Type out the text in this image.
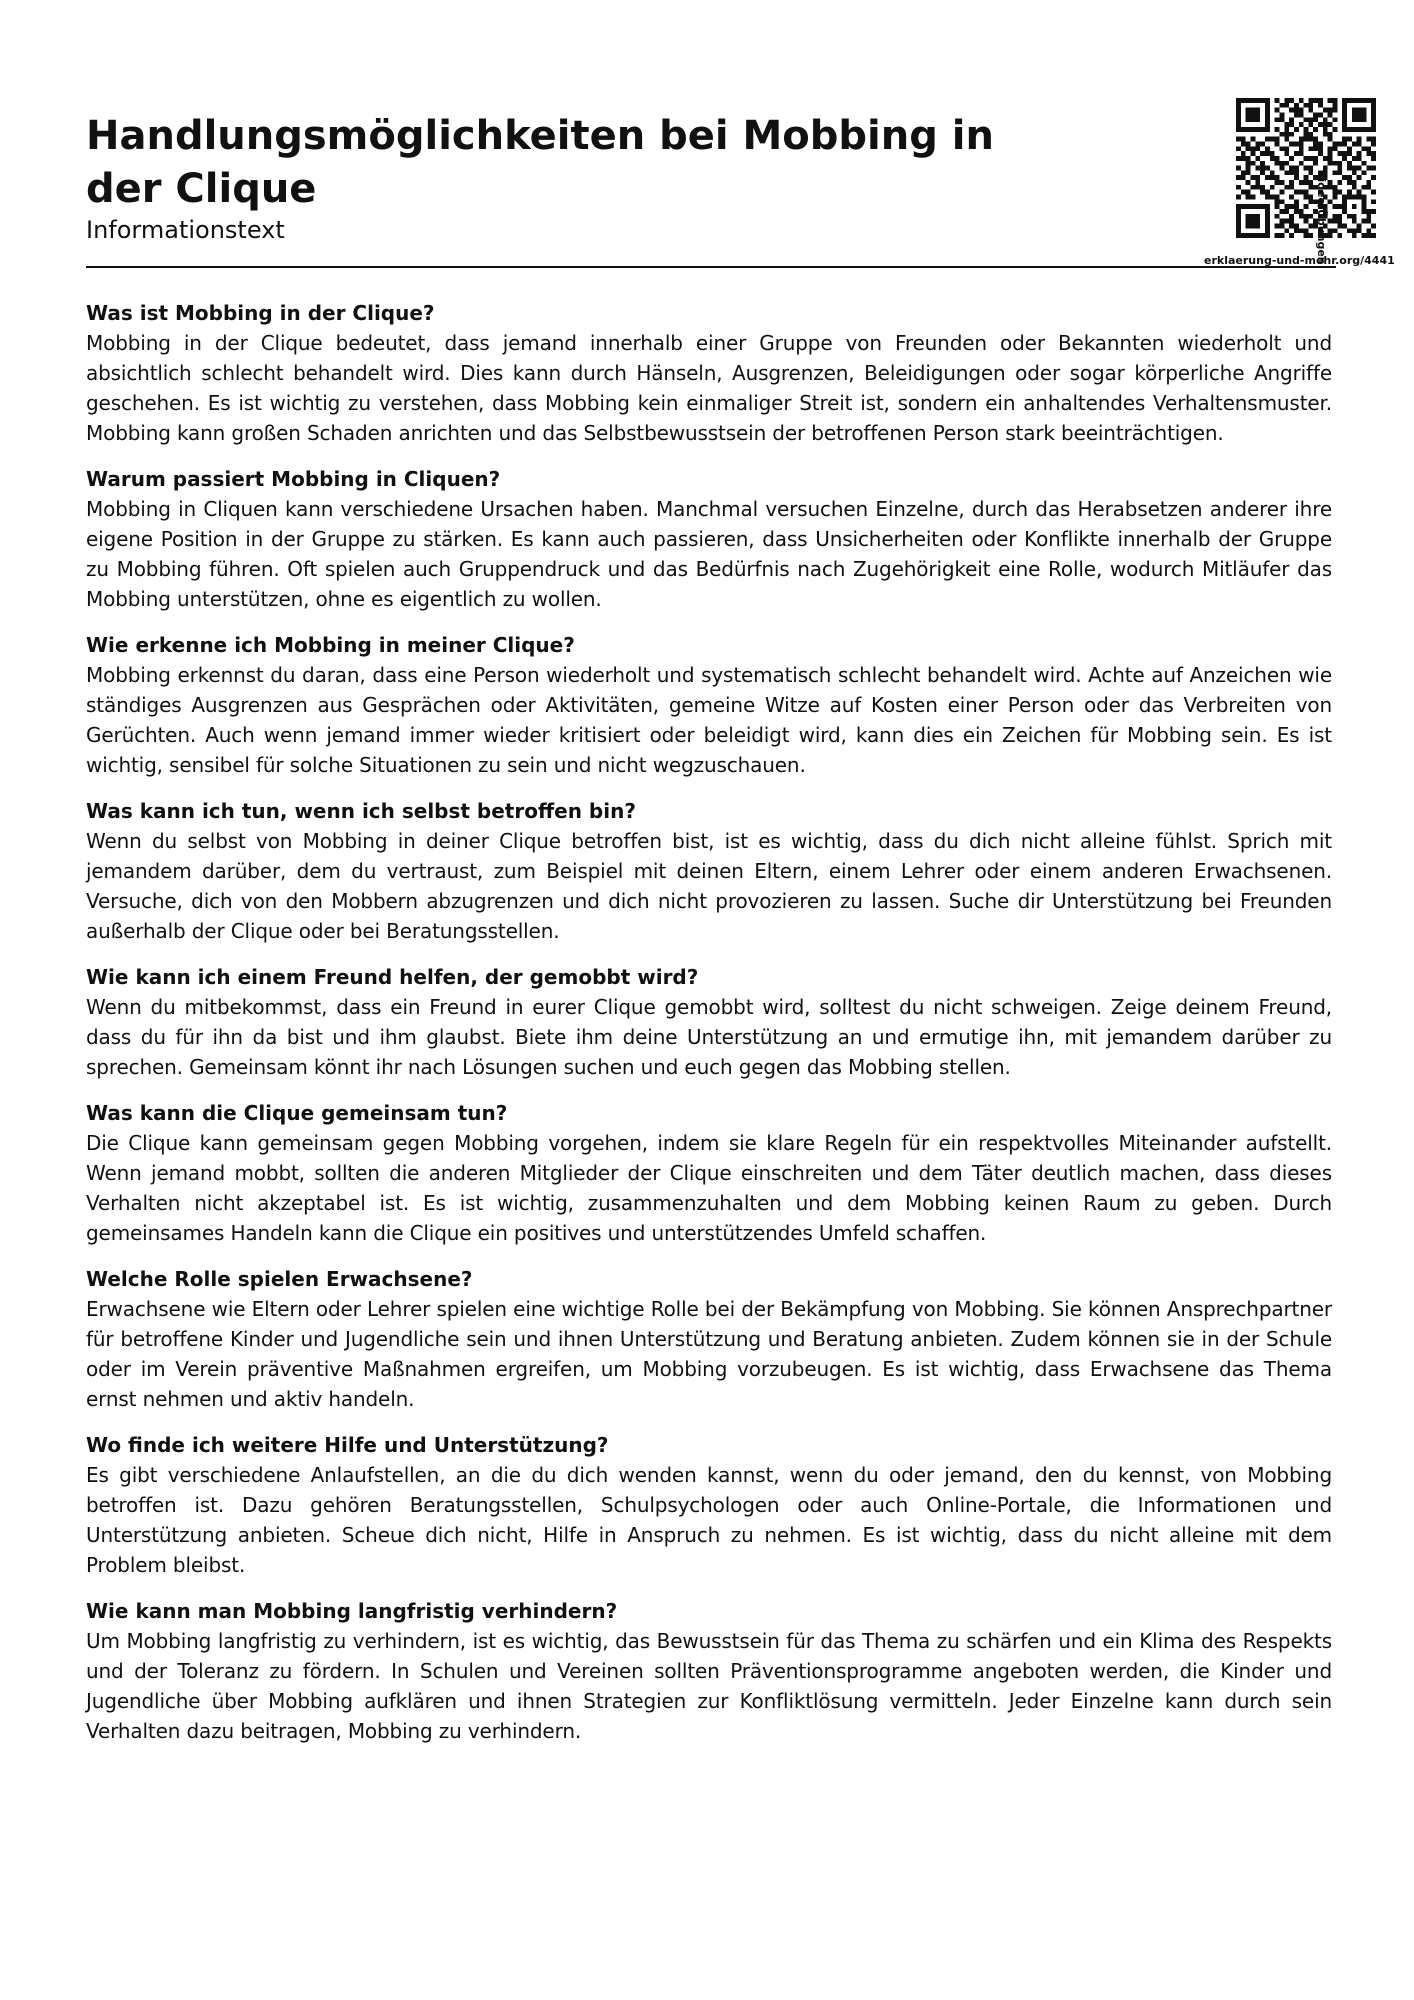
Handlungsmöglichkeiten bei Mobbing in der Clique
Informationstext	Video/Übungen
erklaerung-und-mehr.org/4441
Was ist Mobbing in der Clique?

Mobbing in der Clique bedeutet, dass jemand innerhalb einer Gruppe von Freunden oder Bekannten wiederholt und absichtlich schlecht behandelt wird. Dies kann durch Hänseln, Ausgrenzen, Beleidigungen oder sogar körperliche Angriffe geschehen. Es ist wichtig zu verstehen, dass Mobbing kein einmaliger Streit ist, sondern ein anhaltendes Verhaltensmuster. Mobbing kann großen Schaden anrichten und das Selbstbewusstsein der betroffenen Person stark beeinträchtigen.

Warum passiert Mobbing in Cliquen?

Mobbing in Cliquen kann verschiedene Ursachen haben. Manchmal versuchen Einzelne, durch das Herabsetzen anderer ihre eigene Position in der Gruppe zu stärken. Es kann auch passieren, dass Unsicherheiten oder Konflikte innerhalb der Gruppe zu Mobbing führen. Oft spielen auch Gruppendruck und das Bedürfnis nach Zugehörigkeit eine Rolle, wodurch Mitläufer das Mobbing unterstützen, ohne es eigentlich zu wollen.

Wie erkenne ich Mobbing in meiner Clique?

Mobbing erkennst du daran, dass eine Person wiederholt und systematisch schlecht behandelt wird. Achte auf Anzeichen wie ständiges Ausgrenzen aus Gesprächen oder Aktivitäten, gemeine Witze auf Kosten einer Person oder das Verbreiten von Gerüchten. Auch wenn jemand immer wieder kritisiert oder beleidigt wird, kann dies ein Zeichen für Mobbing sein. Es ist wichtig, sensibel für solche Situationen zu sein und nicht wegzuschauen.

Was kann ich tun, wenn ich selbst betroffen bin?

Wenn du selbst von Mobbing in deiner Clique betroffen bist, ist es wichtig, dass du dich nicht alleine fühlst. Sprich mit jemandem darüber, dem du vertraust, zum Beispiel mit deinen Eltern, einem Lehrer oder einem anderen Erwachsenen. Versuche, dich von den Mobbern abzugrenzen und dich nicht provozieren zu lassen. Suche dir Unterstützung bei Freunden außerhalb der Clique oder bei Beratungsstellen.

Wie kann ich einem Freund helfen, der gemobbt wird?

Wenn du mitbekommst, dass ein Freund in eurer Clique gemobbt wird, solltest du nicht schweigen. Zeige deinem Freund, dass du für ihn da bist und ihm glaubst. Biete ihm deine Unterstützung an und ermutige ihn, mit jemandem darüber zu sprechen. Gemeinsam könnt ihr nach Lösungen suchen und euch gegen das Mobbing stellen.

Was kann die Clique gemeinsam tun?

Die Clique kann gemeinsam gegen Mobbing vorgehen, indem sie klare Regeln für ein respektvolles Miteinander aufstellt. Wenn jemand mobbt, sollten die anderen Mitglieder der Clique einschreiten und dem Täter deutlich machen, dass dieses Verhalten nicht akzeptabel ist. Es ist wichtig, zusammenzuhalten und dem Mobbing keinen Raum zu geben. Durch gemeinsames Handeln kann die Clique ein positives und unterstützendes Umfeld schaffen.

Welche Rolle spielen Erwachsene?

Erwachsene wie Eltern oder Lehrer spielen eine wichtige Rolle bei der Bekämpfung von Mobbing. Sie können Ansprechpartner für betroffene Kinder und Jugendliche sein und ihnen Unterstützung und Beratung anbieten. Zudem können sie in der Schule oder im Verein präventive Maßnahmen ergreifen, um Mobbing vorzubeugen. Es ist wichtig, dass Erwachsene das Thema ernst nehmen und aktiv handeln.

Wo finde ich weitere Hilfe und Unterstützung?

Es gibt verschiedene Anlaufstellen, an die du dich wenden kannst, wenn du oder jemand, den du kennst, von Mobbing betroffen ist. Dazu gehören Beratungsstellen, Schulpsychologen oder auch Online-Portale, die Informationen und Unterstützung anbieten. Scheue dich nicht, Hilfe in Anspruch zu nehmen. Es ist wichtig, dass du nicht alleine mit dem Problem bleibst.

Wie kann man Mobbing langfristig verhindern?

Um Mobbing langfristig zu verhindern, ist es wichtig, das Bewusstsein für das Thema zu schärfen und ein Klima des Respekts und der Toleranz zu fördern. In Schulen und Vereinen sollten Präventionsprogramme angeboten werden, die Kinder und Jugendliche über Mobbing aufklären und ihnen Strategien zur Konfliktlösung vermitteln. Jeder Einzelne kann durch sein Verhalten dazu beitragen, Mobbing zu verhindern.
